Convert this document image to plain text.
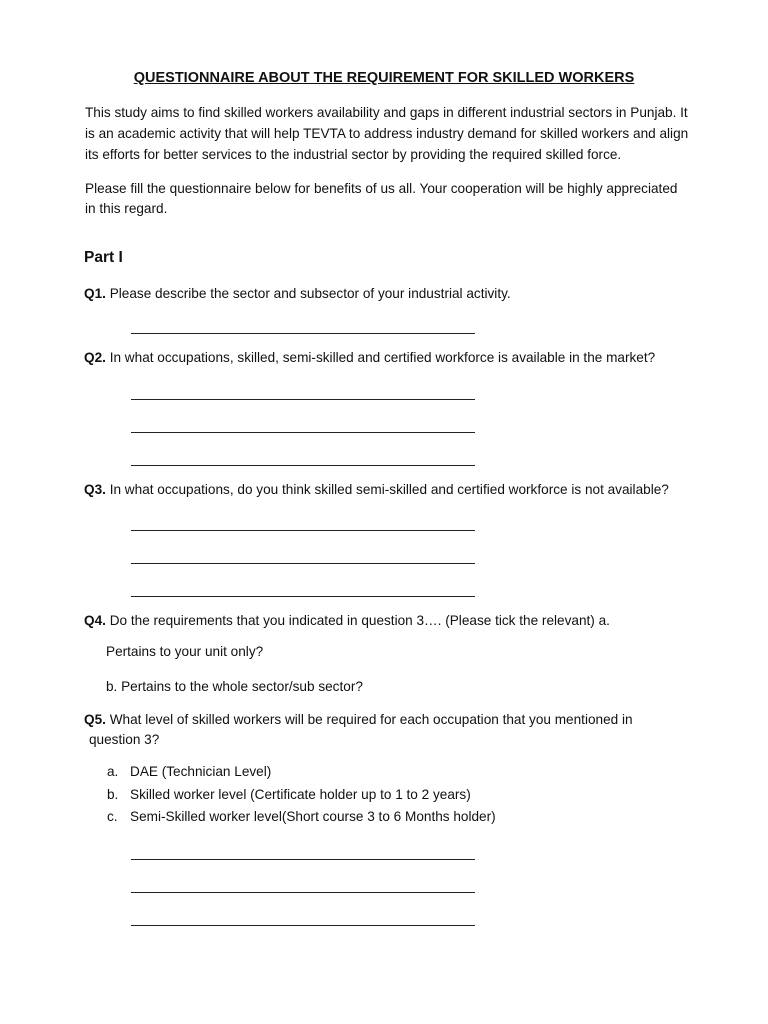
QUESTIONNAIRE ABOUT THE REQUIREMENT FOR SKILLED WORKERS
This study aims to find skilled workers availability and gaps in different industrial sectors in Punjab. It
is an academic activity that will help TEVTA to address industry demand for skilled workers and align
its efforts for better services to the industrial sector by providing the required skilled force.
Please fill the questionnaire below for benefits of us all. Your cooperation will be highly appreciated
in this regard.
Part I
Q1. Please describe the sector and subsector of your industrial activity.
Q2. In what occupations, skilled, semi-skilled and certified workforce is available in the market?
Q3. In what occupations, do you think skilled semi-skilled and certified workforce is not available?
Q4. Do the requirements that you indicated in question 3…. (Please tick the relevant) a.
Pertains to your unit only?
b. Pertains to the whole sector/sub sector?
Q5. What level of skilled workers will be required for each occupation that you mentioned in
question 3?
a. DAE (Technician Level)
b. Skilled worker level (Certificate holder up to 1 to 2 years)
c. Semi-Skilled worker level(Short course 3 to 6 Months holder)
